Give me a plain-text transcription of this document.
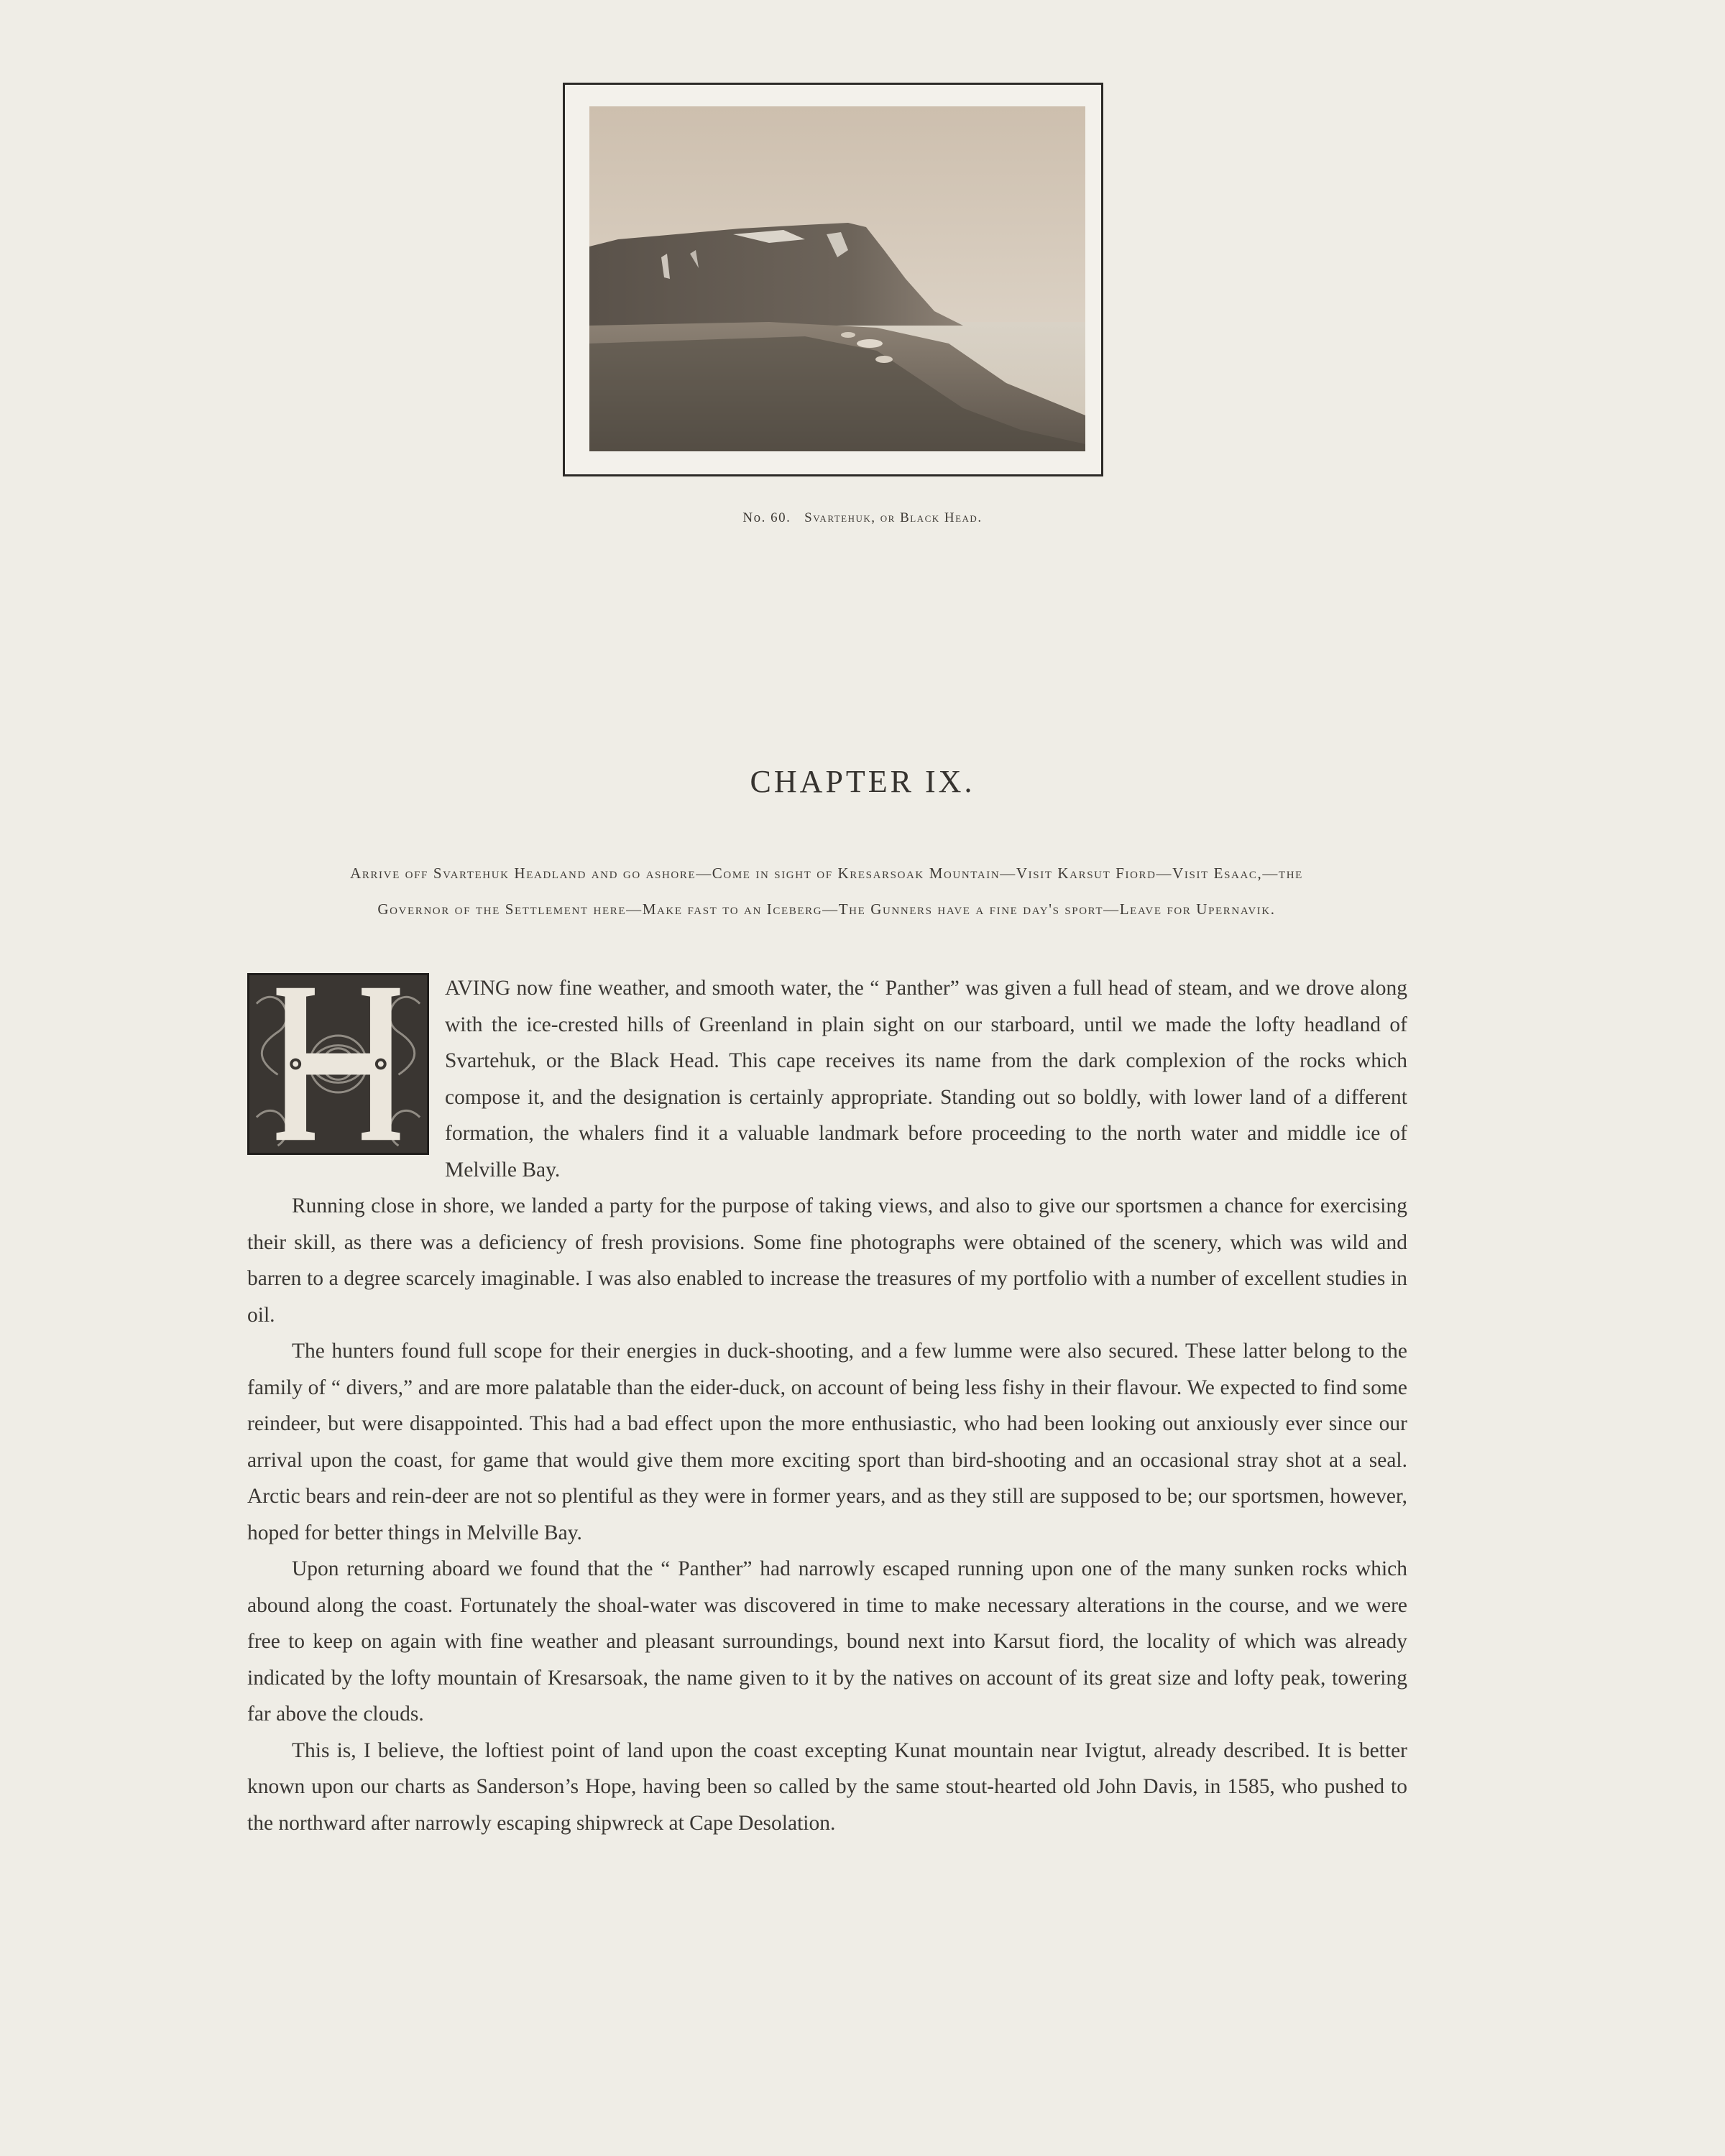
No. 60. Svartehuk, or Black Head.
CHAPTER IX.
Arrive off Svartehuk Headland and go ashore—Come in sight of Kresarsoak Mountain—Visit Karsut Fiord—Visit Esaac,—the
Governor of the Settlement here—Make fast to an Iceberg—The Gunners have a fine day's sport—Leave for Upernavik.

AVING now fine weather, and smooth water, the “ Panther” was given a full head of steam, and we drove along with the ice-crested hills of Greenland in plain sight on our starboard, until we made the lofty headland of Svartehuk, or the Black Head. This cape receives its name from the dark complexion of the rocks which compose it, and the designation is certainly appropriate. Standing out so boldly, with lower land of a different formation, the whalers find it a valuable landmark before proceeding to the north water and middle ice of Melville Bay.

Running close in shore, we landed a party for the purpose of taking views, and also to give our sportsmen a chance for exercising their skill, as there was a deficiency of fresh provisions. Some fine photographs were obtained of the scenery, which was wild and barren to a degree scarcely imaginable. I was also enabled to increase the treasures of my portfolio with a number of excellent studies in oil.

The hunters found full scope for their energies in duck-shooting, and a few lumme were also secured. These latter belong to the family of “ divers,” and are more palatable than the eider-duck, on account of being less fishy in their flavour. We expected to find some reindeer, but were disappointed. This had a bad effect upon the more enthusiastic, who had been looking out anxiously ever since our arrival upon the coast, for game that would give them more exciting sport than bird-shooting and an occasional stray shot at a seal. Arctic bears and rein-deer are not so plentiful as they were in former years, and as they still are supposed to be; our sportsmen, however, hoped for better things in Melville Bay.

Upon returning aboard we found that the “ Panther” had narrowly escaped running upon one of the many sunken rocks which abound along the coast. Fortunately the shoal-water was discovered in time to make necessary alterations in the course, and we were free to keep on again with fine weather and pleasant surroundings, bound next into Karsut fiord, the locality of which was already indicated by the lofty mountain of Kresarsoak, the name given to it by the natives on account of its great size and lofty peak, towering far above the clouds.

This is, I believe, the loftiest point of land upon the coast excepting Kunat mountain near Ivigtut, already described. It is better known upon our charts as Sanderson’s Hope, having been so called by the same stout-hearted old John Davis, in 1585, who pushed to the northward after narrowly escaping shipwreck at Cape Desolation.
